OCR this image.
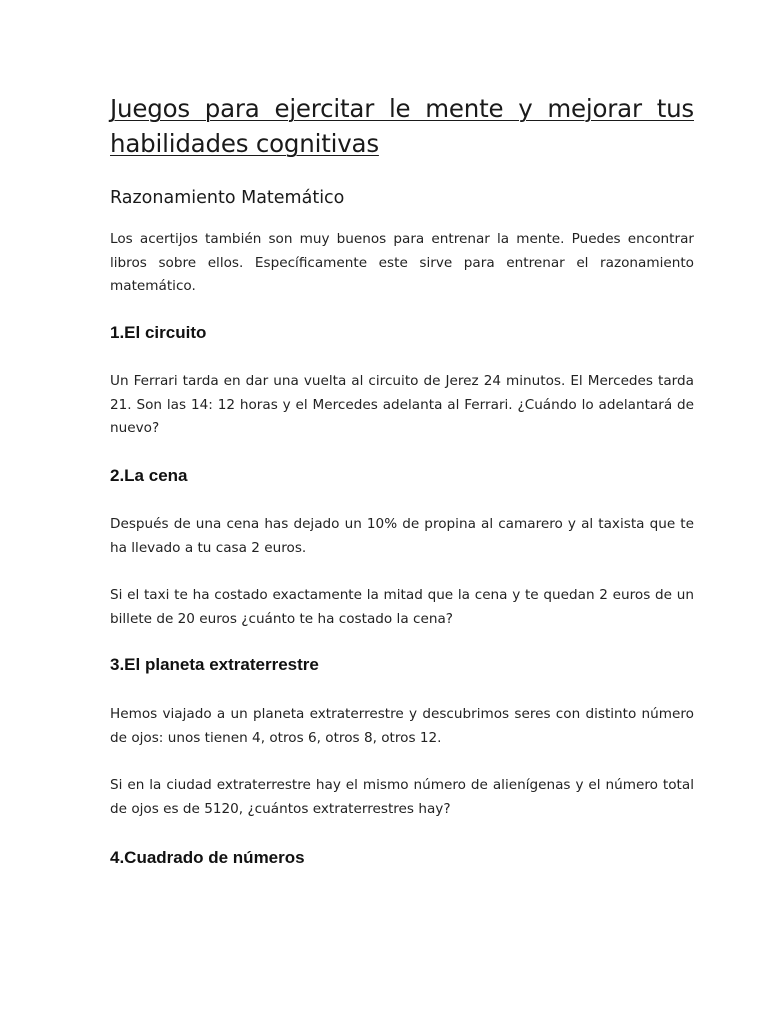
Juegos para ejercitar le mente y mejorar tus habilidades cognitivas
Razonamiento Matemático

Los acertijos también son muy buenos para entrenar la mente. Puedes encontrar libros sobre ellos. Específicamente este sirve para entrenar el razonamiento matemático.

1.El circuito

Un Ferrari tarda en dar una vuelta al circuito de Jerez 24 minutos. El Mercedes tarda 21. Son las 14: 12 horas y el Mercedes adelanta al Ferrari. ¿Cuándo lo adelantará de nuevo?

2.La cena

Después de una cena has dejado un 10% de propina al camarero y al taxista que te ha llevado a tu casa 2 euros.

Si el taxi te ha costado exactamente la mitad que la cena y te quedan 2 euros de un billete de 20 euros ¿cuánto te ha costado la cena?

3.El planeta extraterrestre

Hemos viajado a un planeta extraterrestre y descubrimos seres con distinto número de ojos: unos tienen 4, otros 6, otros 8, otros 12.

Si en la ciudad extraterrestre hay el mismo número de alienígenas y el número total de ojos es de 5120, ¿cuántos extraterrestres hay?

4.Cuadrado de números
